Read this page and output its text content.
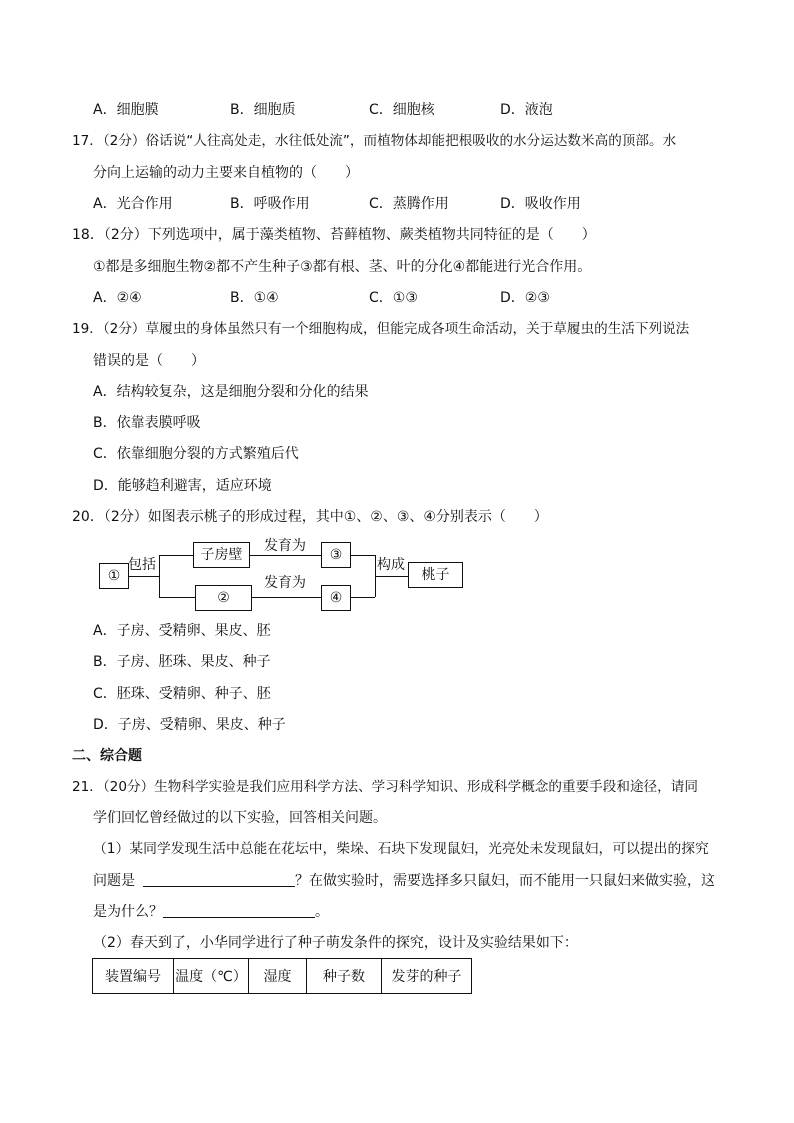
A．细胞膜	B．细胞质	C．细胞核	D．液泡
17．（2分）俗话说“人往高处走，水往低处流”，而植物体却能把根吸收的水分运达数米高的顶部。水
分向上运输的动力主要来自植物的（　　）
A．光合作用	B．呼吸作用	C．蒸腾作用	D．吸收作用
18．（2分）下列选项中，属于藻类植物、苔藓植物、蕨类植物共同特征的是（　　）
①都是多细胞生物②都不产生种子③都有根、茎、叶的分化④都能进行光合作用。
A．②④	B．①④	C．①③	D．②③
19．（2分）草履虫的身体虽然只有一个细胞构成，但能完成各项生命活动，关于草履虫的生活下列说法
错误的是（　　）
A．结构较复杂，这是细胞分裂和分化的结果
B．依靠表膜呼吸
C．依靠细胞分裂的方式繁殖后代
D．能够趋利避害，适应环境
20．（2分）如图表示桃子的形成过程，其中①、②、③、④分别表示（　　）
①
包括
子房壁
发育为
③
②
发育为
④
构成
桃子
A．子房、受精卵、果皮、胚
B．子房、胚珠、果皮、种子
C．胚珠、受精卵、种子、胚
D．子房、受精卵、果皮、种子
二、综合题
21．（20分）生物科学实验是我们应用科学方法、学习科学知识、形成科学概念的重要手段和途径，请同
学们回忆曾经做过的以下实验，回答相关问题。
（1）某同学发现生活中总能在花坛中，柴垛、石块下发现鼠妇，光亮处未发现鼠妇，可以提出的探究
问题是	？在做实验时，需要选择多只鼠妇，而不能用一只鼠妇来做实验，这
是为什么？	。
（2）春天到了，小华同学进行了种子萌发条件的探究，设计及实验结果如下：
装置编号	温度（℃）	湿度	种子数	发芽的种子
